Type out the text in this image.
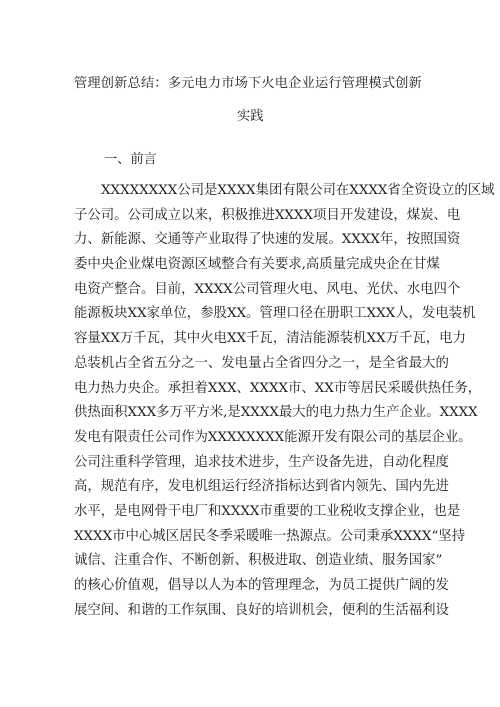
管理创新总结：多元电力市场下火电企业运行管理模式创新
实践
一、前言
XXXXXXXX公司是XXXX集团有限公司在XXXX省全资设立的区域
子公司。公司成立以来，积极推进XXXX项目开发建设，煤炭、电
力、新能源、交通等产业取得了快速的发展。XXXX年，按照国资
委中央企业煤电资源区域整合有关要求,高质量完成央企在甘煤
电资产整合。目前，XXXX公司管理火电、风电、光伏、水电四个
能源板块XX家单位，参股XX。管理口径在册职工XXX人，发电装机
容量XX万千瓦，其中火电XX千瓦，清洁能源装机XX万千瓦，电力
总装机占全省五分之一、发电量占全省四分之一，是全省最大的
电力热力央企。承担着XXX、XXXX市、XX市等居民采暖供热任务，
供热面积XXX多万平方米,是XXXX最大的电力热力生产企业。XXXX
发电有限责任公司作为XXXXXXXX能源开发有限公司的基层企业。
公司注重科学管理，追求技术进步，生产设备先进，自动化程度
高，规范有序，发电机组运行经济指标达到省内领先、国内先进
水平，是电网骨干电厂和XXXX市重要的工业税收支撑企业，也是
XXXX市中心城区居民冬季采暖唯一热源点。公司秉承XXXX“坚持
诚信、注重合作、不断创新、积极进取、创造业绩、服务国家”
的核心价值观，倡导以人为本的管理理念，为员工提供广阔的发
展空间、和谐的工作氛围、良好的培训机会，便利的生活福利设
